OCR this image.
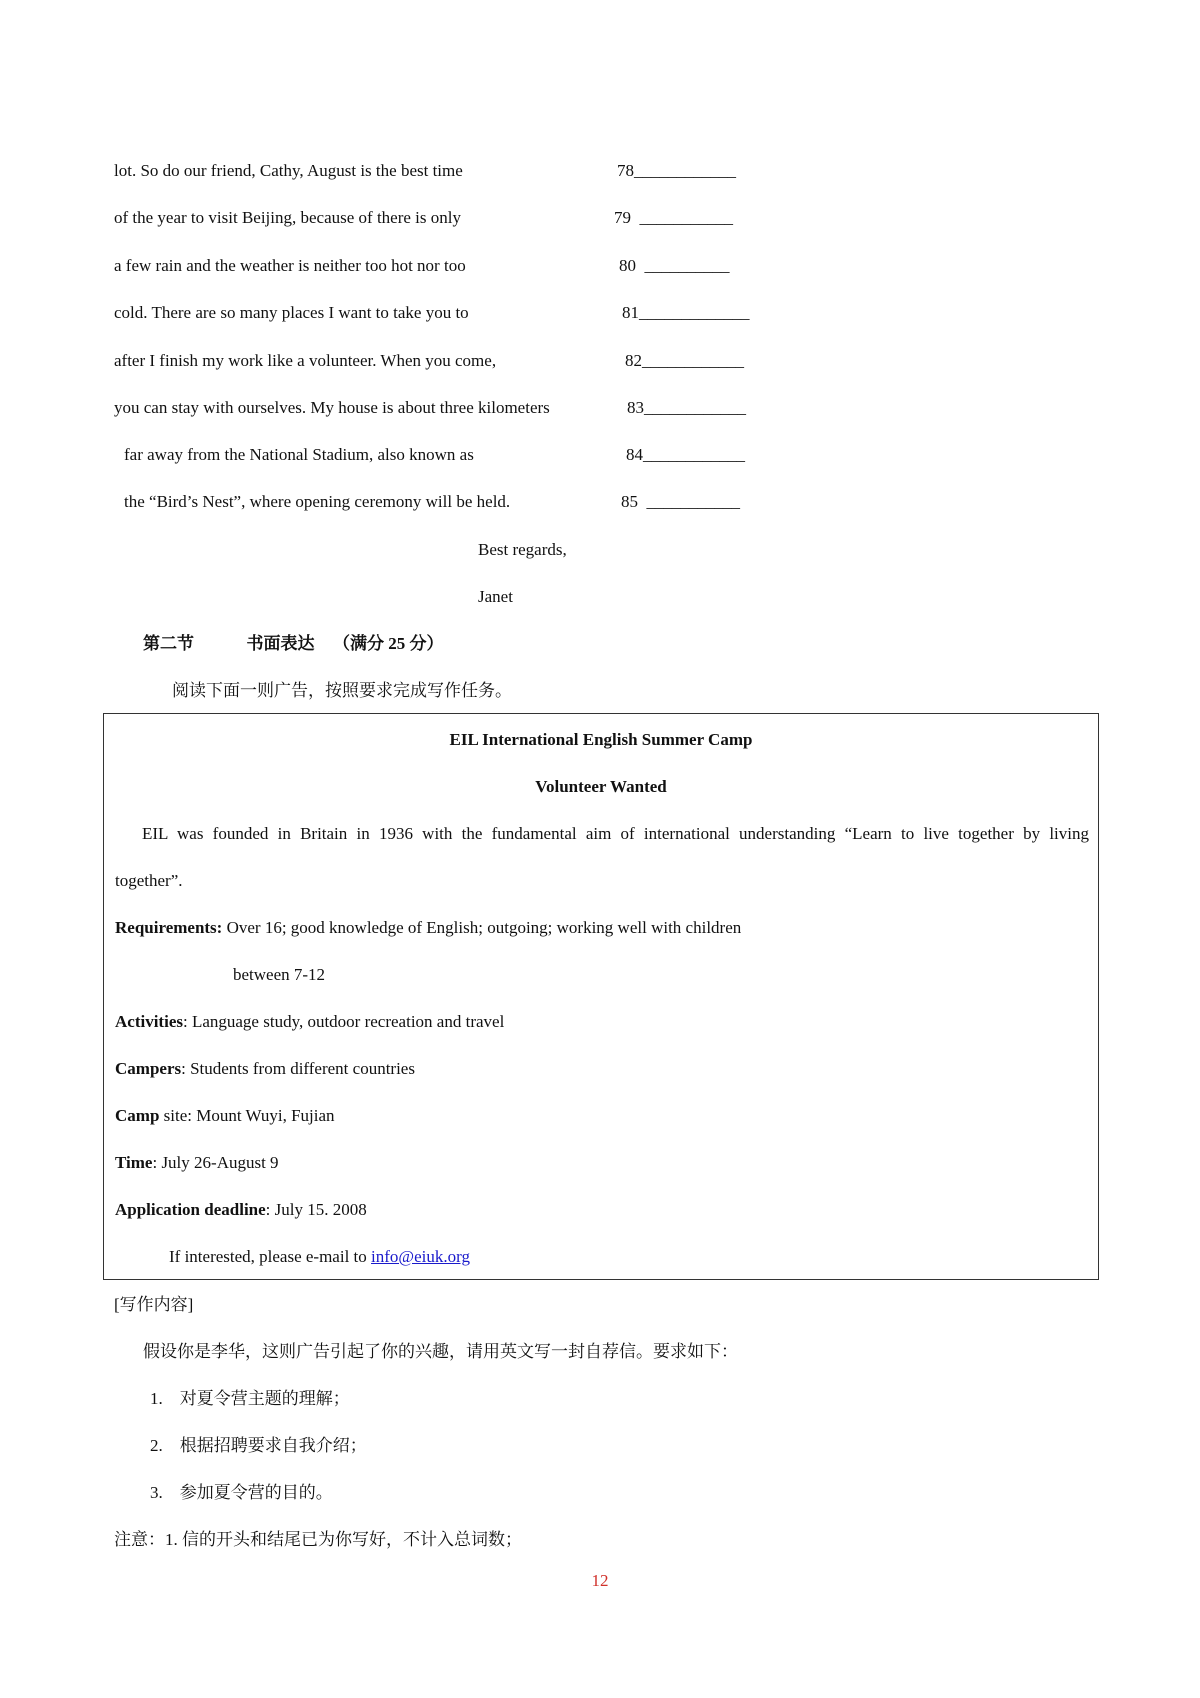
lot. So do our friend, Cathy, August is the best time	78____________
of the year to visit Beijing, because of there is only	79 ___________
a few rain and the weather is neither too hot nor too	80 __________
cold. There are so many places I want to take you to	81_____________
after I finish my work like a volunteer. When you come,	82____________
you can stay with ourselves. My house is about three kilometers	83____________
far away from the National Stadium, also known as	84____________
the “Bird’s Nest”, where opening ceremony will be held.	85 ___________
Best regards,
Janet
第二节	书面表达 （满分 25 分）
阅读下面一则广告，按照要求完成写作任务。
EIL International English Summer Camp
Volunteer Wanted
EIL was founded in Britain in 1936 with the fundamental aim of international understanding “Learn to live together by living
together”.
Requirements: Over 16; good knowledge of English; outgoing; working well with children
between 7-12
Activities: Language study, outdoor recreation and travel
Campers: Students from different countries
Camp site: Mount Wuyi, Fujian
Time: July 26-August 9
Application deadline: July 15. 2008
If interested, please e-mail to info@eiuk.org
[写作内容]
假设你是李华，这则广告引起了你的兴趣，请用英文写一封自荐信。要求如下：
1. 对夏令营主题的理解；
2. 根据招聘要求自我介绍；
3. 参加夏令营的目的。
注意：1. 信的开头和结尾已为你写好，不计入总词数；
12
